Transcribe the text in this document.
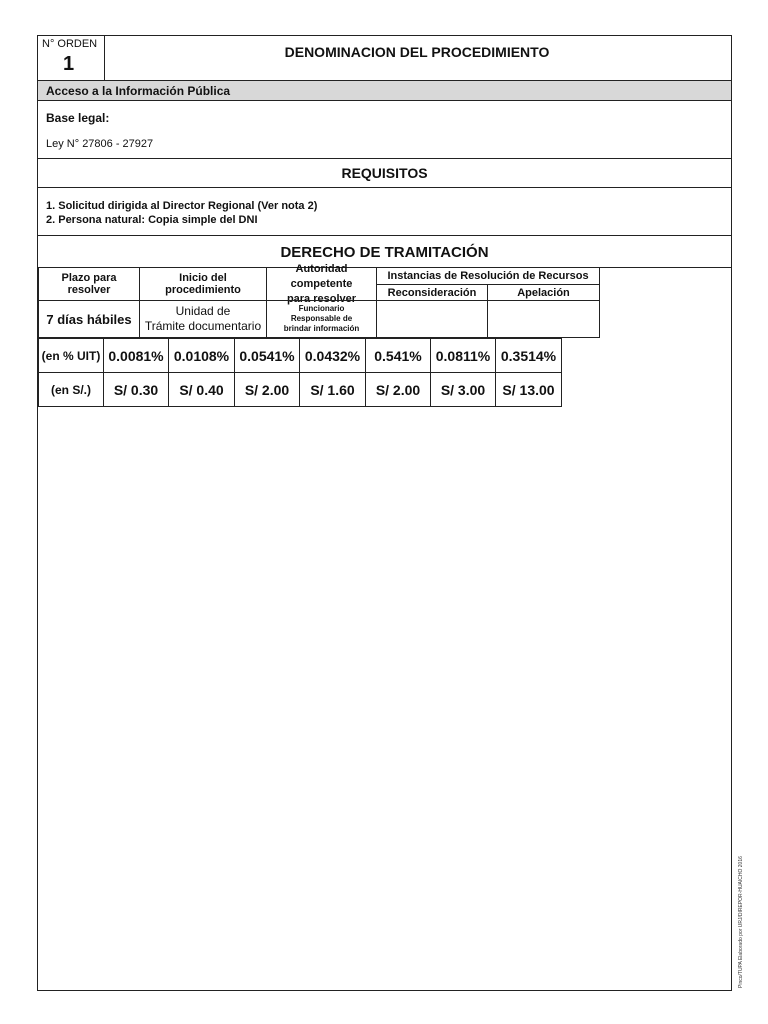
N° ORDEN
1
DENOMINACION DEL PROCEDIMIENTO
Acceso a la Información Pública
Base legal:
Ley N° 27806 - 27927
REQUISITOS
1. Solicitud dirigida al Director Regional (Ver nota 2)
2. Persona natural: Copia simple del DNI
DERECHO DE TRAMITACIÓN
Plazo para resolver
Inicio del procedimiento
Autoridad competente
para resolver
Instancias de Resolución de Recursos
Reconsideración	Apelación
7 días hábiles
Unidad de
Trámite documentario
Funcionario
Responsable de
brindar información
(en % UIT) 0.0081% 0.0108% 0.0541% 0.0432% 0.541% 0.0811% 0.3514%
(en S/.) S/ 0.30 S/ 0.40 S/ 2.00 S/ 1.60 S/ 2.00 S/ 3.00 S/ 13.00
Pinco/TUPA Elaborado por URJ/DIREPOR-HUAICHO 2016
